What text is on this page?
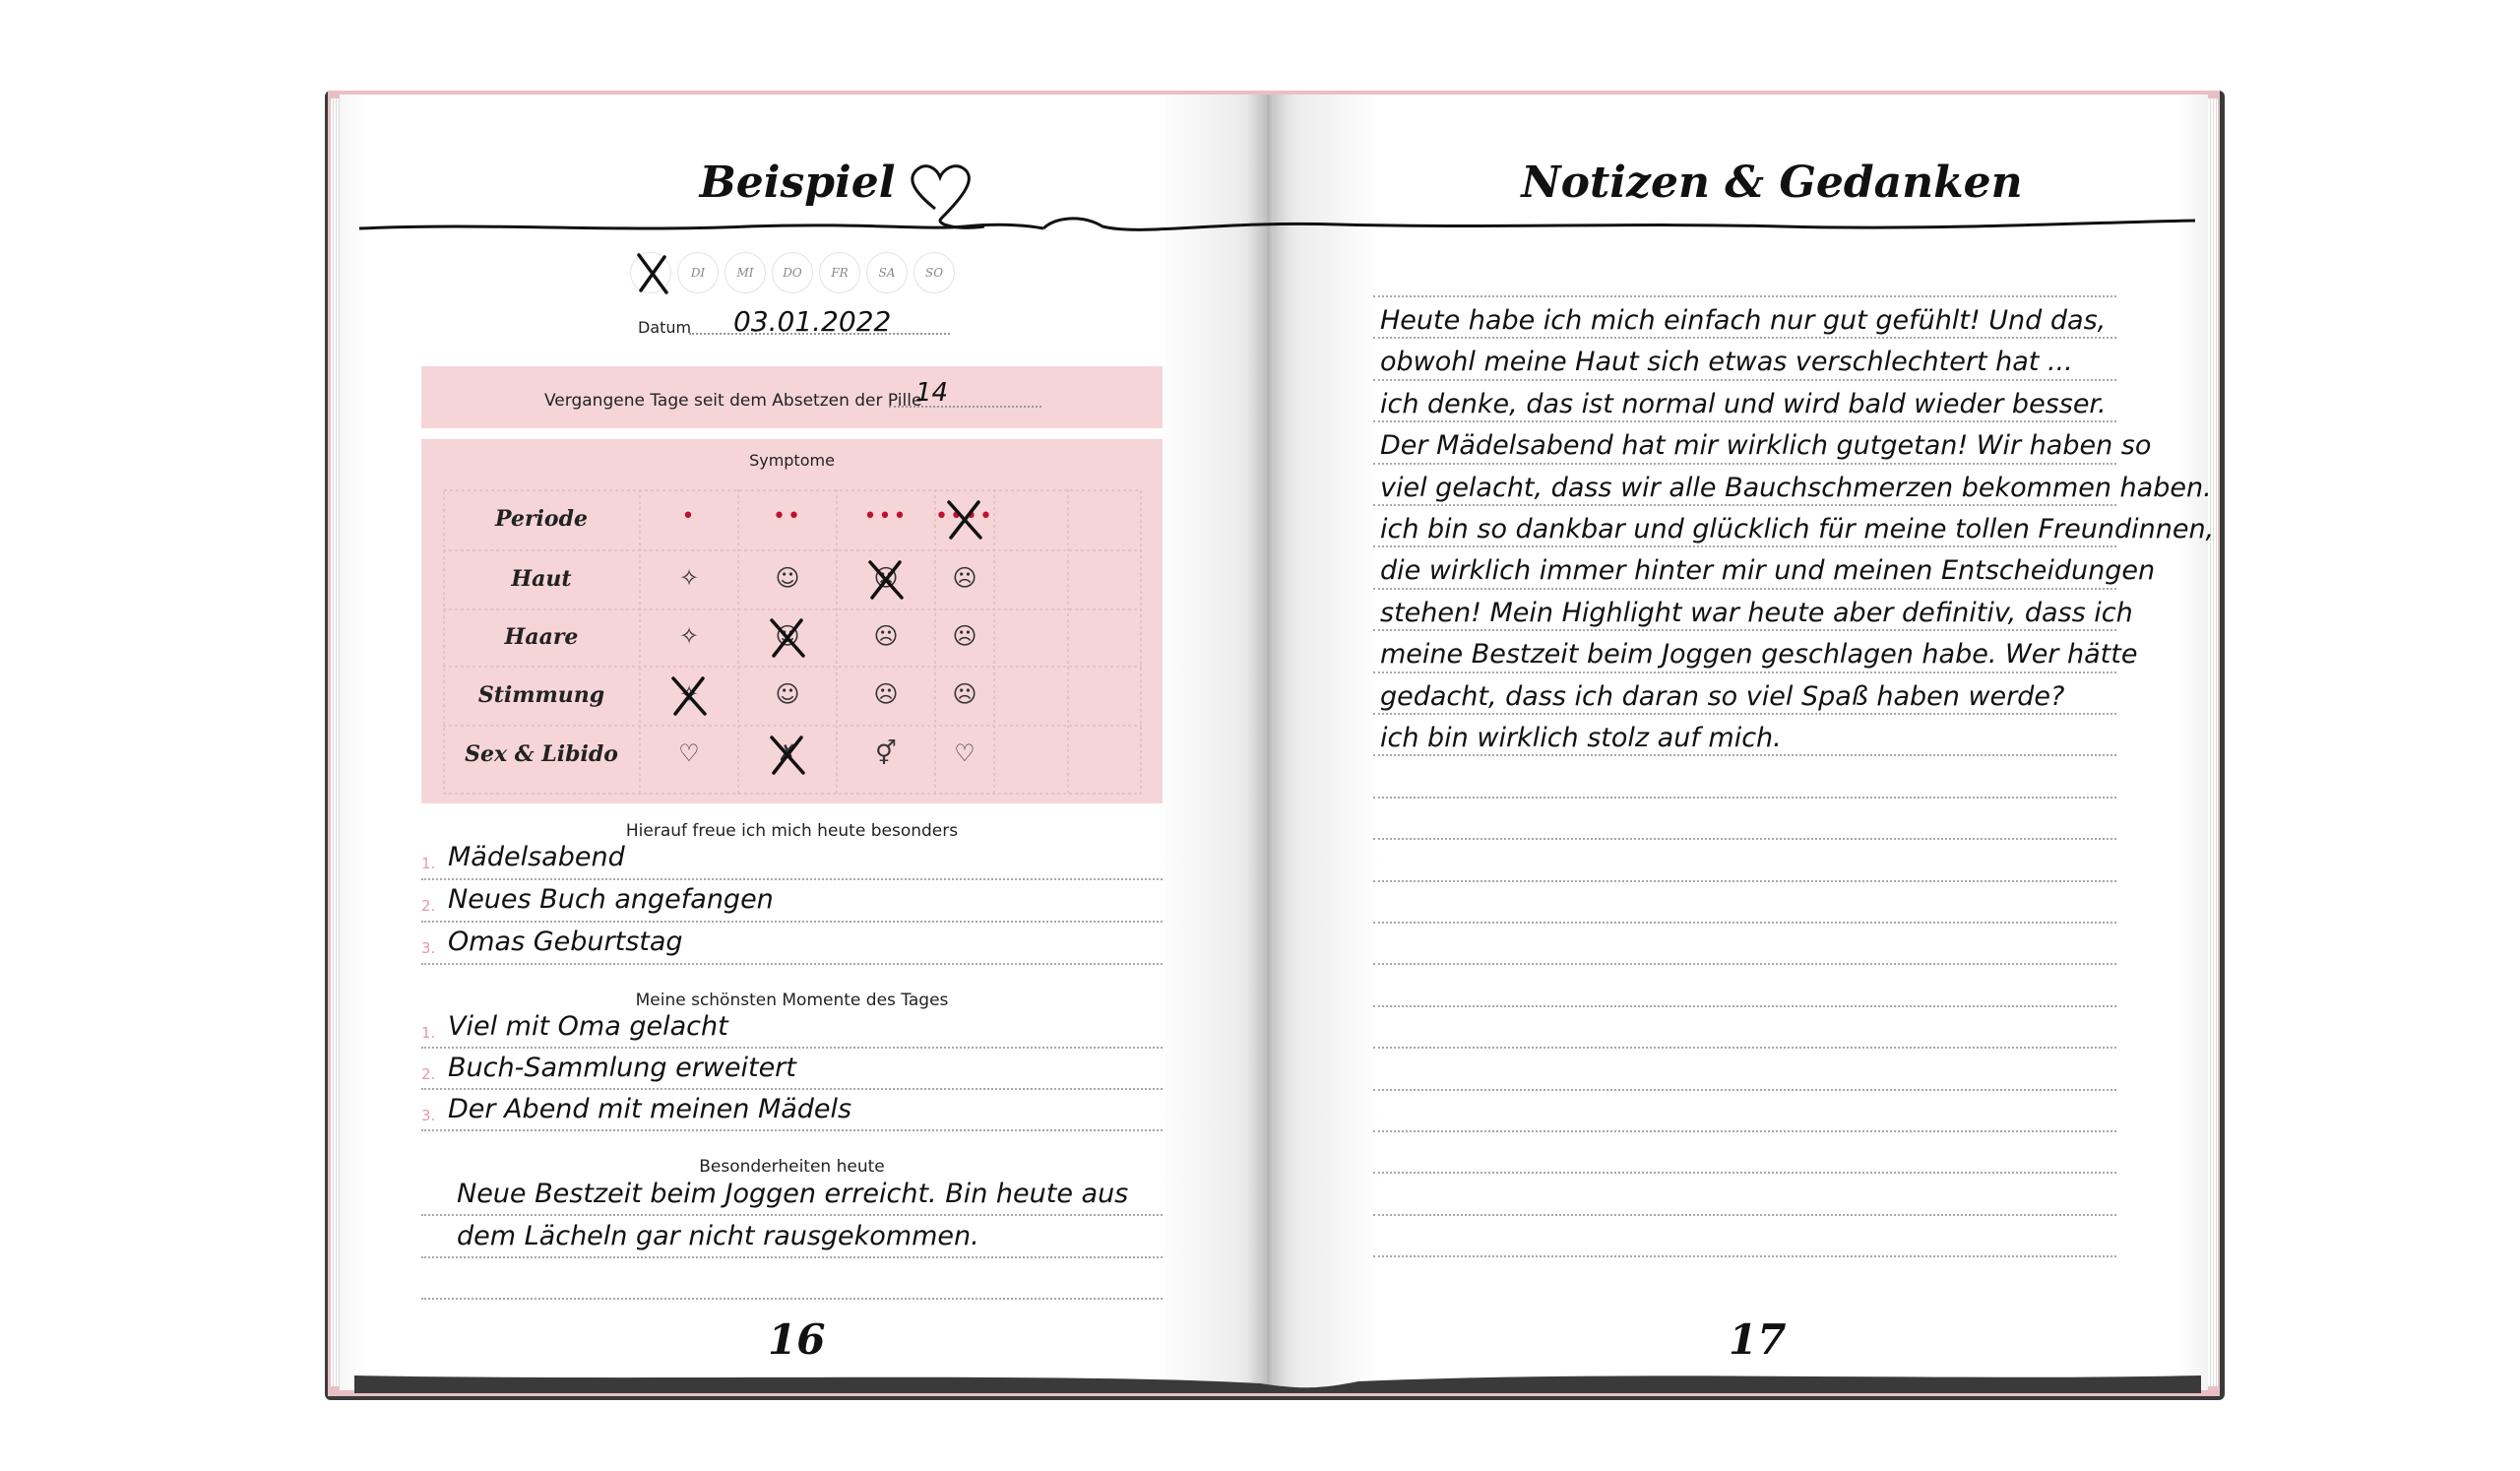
Beispiel	Notizen & Gedanken
DI	MI	DO	FR	SA	SO
Datum 03.01.2022
Vergangene Tage seit dem Absetzen der Pille
14
Symptome
Periode	•	••	•••	••••
Haut	✧	☺	☹	☹
Haare	✧	☺	☹	☹
Stimmung	✧	☺	☹	☹
Sex & Libido	♡	✗	⚥	♡
Hierauf freue ich mich heute besonders
1. Mädelsabend
2. Neues Buch angefangen
3. Omas Geburtstag
Meine schönsten Momente des Tages
1. Viel mit Oma gelacht
2. Buch-Sammlung erweitert
3. Der Abend mit meinen Mädels
Besonderheiten heute
Neue Bestzeit beim Joggen erreicht. Bin heute aus
dem Lächeln gar nicht rausgekommen.
16
Heute habe ich mich einfach nur gut gefühlt! Und das,
obwohl meine Haut sich etwas verschlechtert hat ...
ich denke, das ist normal und wird bald wieder besser.
Der Mädelsabend hat mir wirklich gutgetan! Wir haben so
viel gelacht, dass wir alle Bauchschmerzen bekommen haben.
ich bin so dankbar und glücklich für meine tollen Freundinnen,
die wirklich immer hinter mir und meinen Entscheidungen
stehen! Mein Highlight war heute aber definitiv, dass ich
meine Bestzeit beim Joggen geschlagen habe. Wer hätte
gedacht, dass ich daran so viel Spaß haben werde?
ich bin wirklich stolz auf mich.
17
